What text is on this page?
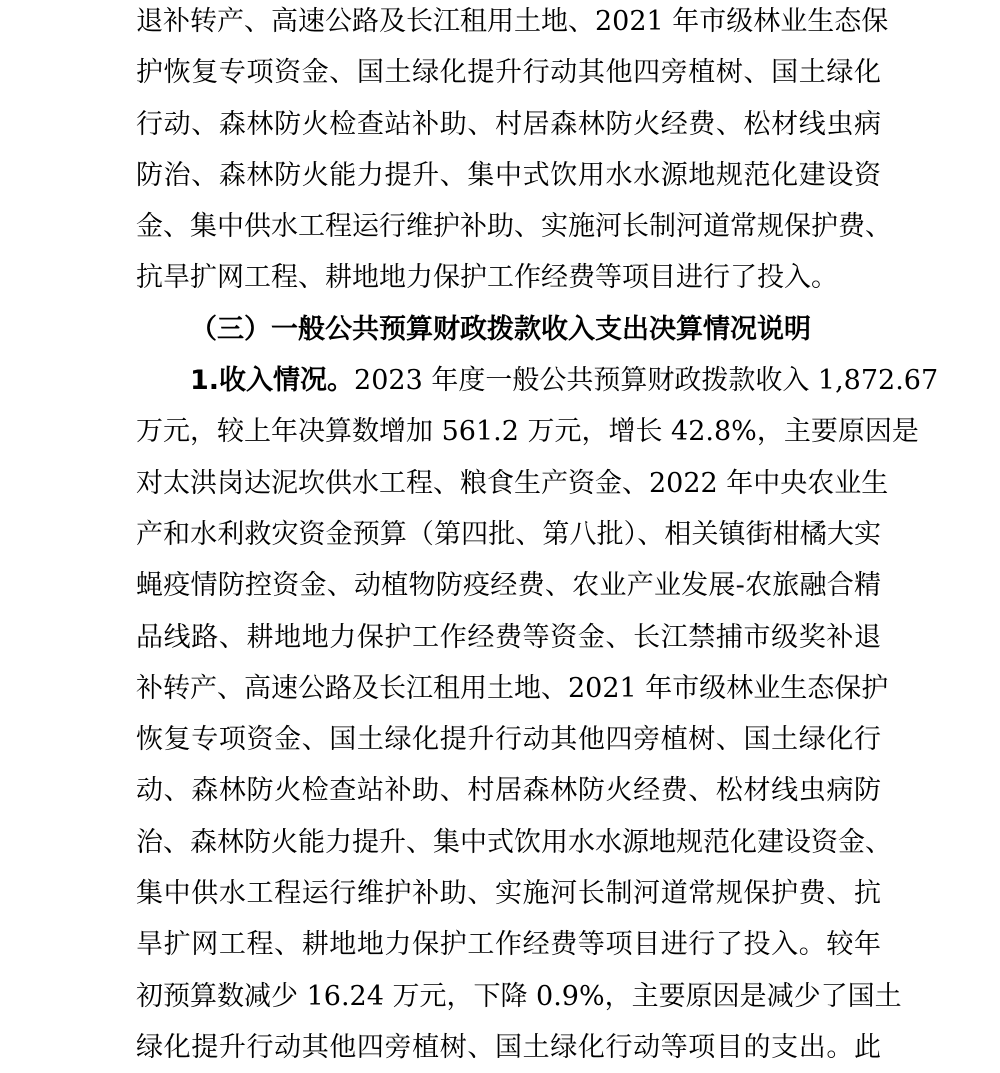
退补转产、高速公路及长江租用土地、2021 年市级林业生态保
护恢复专项资金、国土绿化提升行动其他四旁植树、国土绿化
行动、森林防火检查站补助、村居森林防火经费、松材线虫病
防治、森林防火能力提升、集中式饮用水水源地规范化建设资
金、集中供水工程运行维护补助、实施河长制河道常规保护费、
抗旱扩网工程、耕地地力保护工作经费等项目进行了投入。
（三）一般公共预算财政拨款收入支出决算情况说明
1.收入情况。2023 年度一般公共预算财政拨款收入 1,872.67
万元，较上年决算数增加 561.2 万元，增长 42.8%，主要原因是
对太洪岗达泥坎供水工程、粮食生产资金、2022 年中央农业生
产和水利救灾资金预算（第四批、第八批）、相关镇街柑橘大实
蝇疫情防控资金、动植物防疫经费、农业产业发展-农旅融合精
品线路、耕地地力保护工作经费等资金、长江禁捕市级奖补退
补转产、高速公路及长江租用土地、2021 年市级林业生态保护
恢复专项资金、国土绿化提升行动其他四旁植树、国土绿化行
动、森林防火检查站补助、村居森林防火经费、松材线虫病防
治、森林防火能力提升、集中式饮用水水源地规范化建设资金、
集中供水工程运行维护补助、实施河长制河道常规保护费、抗
旱扩网工程、耕地地力保护工作经费等项目进行了投入。较年
初预算数减少 16.24 万元，下降 0.9%，主要原因是减少了国土
绿化提升行动其他四旁植树、国土绿化行动等项目的支出。此
